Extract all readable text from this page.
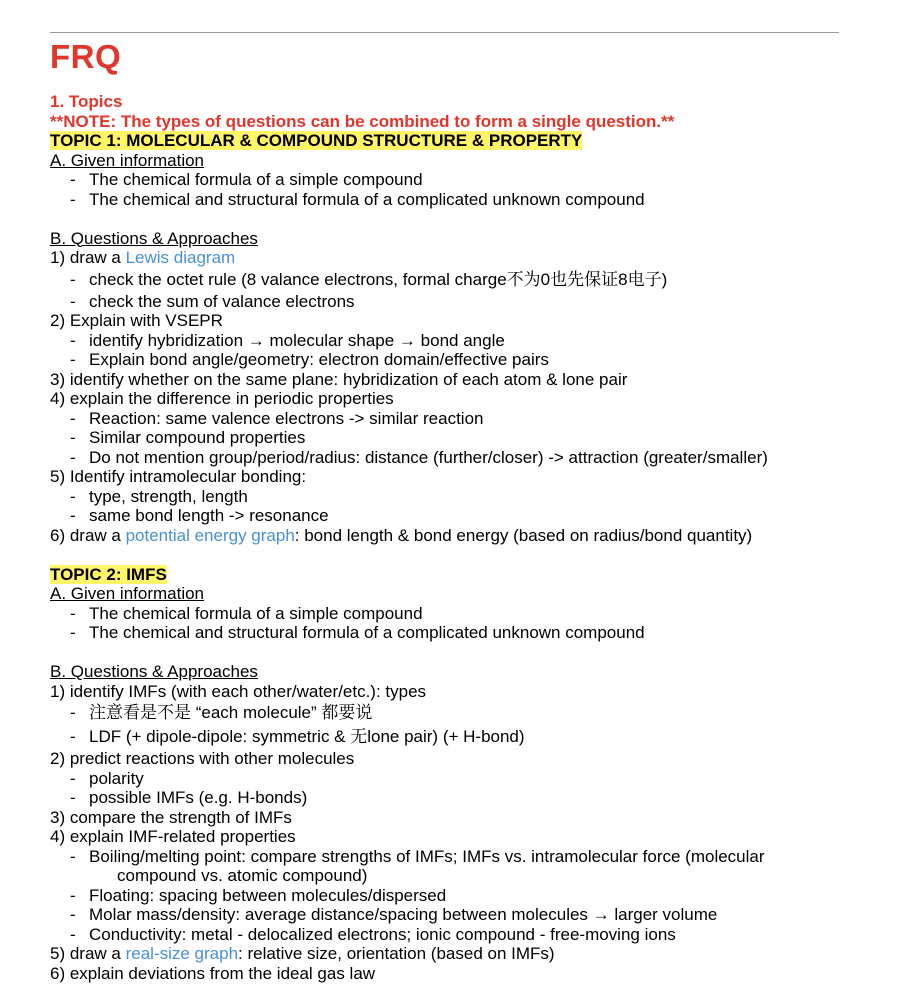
FRQ
1. Topics
**NOTE: The types of questions can be combined to form a single question.**
TOPIC 1: MOLECULAR & COMPOUND STRUCTURE & PROPERTY
A. Given information
- The chemical formula of a simple compound
- The chemical and structural formula of a complicated unknown compound
B. Questions & Approaches
1) draw a Lewis diagram
- check the octet rule (8 valance electrons, formal charge不为0也先保证8电子)
- check the sum of valance electrons
2) Explain with VSEPR
- identify hybridization → molecular shape → bond angle
- Explain bond angle/geometry: electron domain/effective pairs
3) identify whether on the same plane: hybridization of each atom & lone pair
4) explain the difference in periodic properties
- Reaction: same valence electrons -> similar reaction
- Similar compound properties
- Do not mention group/period/radius: distance (further/closer) -> attraction (greater/smaller)
5) Identify intramolecular bonding:
- type, strength, length
- same bond length -> resonance
6) draw a potential energy graph: bond length & bond energy (based on radius/bond quantity)
TOPIC 2: IMFS
A. Given information
- The chemical formula of a simple compound
- The chemical and structural formula of a complicated unknown compound
B. Questions & Approaches
1) identify IMFs (with each other/water/etc.): types
- 注意看是不是 “each molecule” 都要说
- LDF (+ dipole-dipole: symmetric & 无lone pair) (+ H-bond)
2) predict reactions with other molecules
- polarity
- possible IMFs (e.g. H-bonds)
3) compare the strength of IMFs
4) explain IMF-related properties
- Boiling/melting point: compare strengths of IMFs; IMFs vs. intramolecular force (molecular
compound vs. atomic compound)
- Floating: spacing between molecules/dispersed
- Molar mass/density: average distance/spacing between molecules → larger volume
- Conductivity: metal - delocalized electrons; ionic compound - free-moving ions
5) draw a real-size graph: relative size, orientation (based on IMFs)
6) explain deviations from the ideal gas law
